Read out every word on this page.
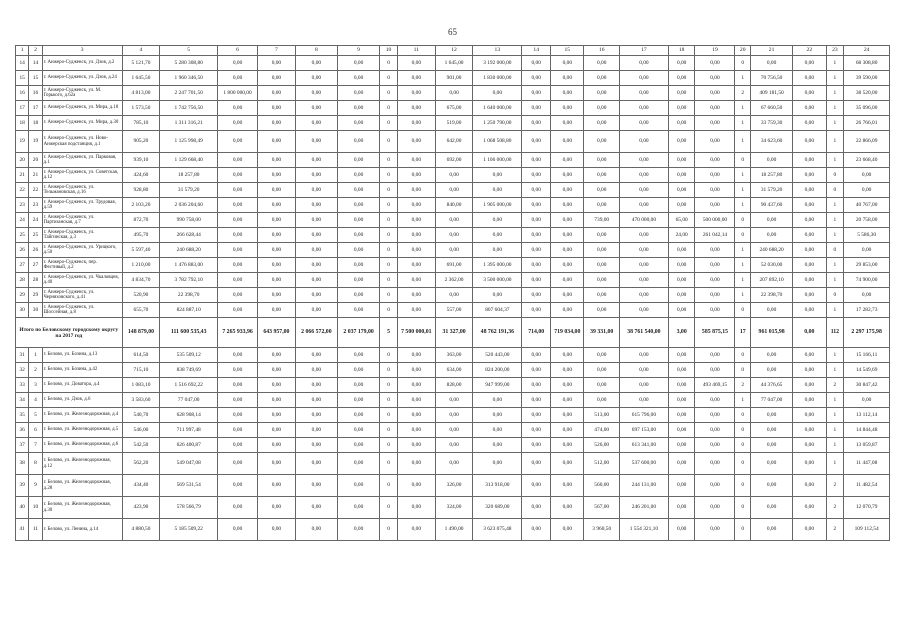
65
1	2	3	4	5	6	7	8	9	10	11	12	13	14	15	16	17	18	19	20	21	22	23	24
14	14	г. Анжеро-Судженск, ул. Дзов, д.2	5 121,70	5 280 308,80	0,00	0,00	0,00	0,00	0	0,00	1 645,00	3 192 000,00	0,00	0,00	0,00	0,00	0,00	0,00	0	0,00	0,00	1	68 308,80
15	15	г. Анжеро-Судженск, ул. Дзов, д.24	1 645,50	1 960 346,50	0,00	0,00	0,00	0,00	0	0,00	901,00	1 830 000,00	0,00	0,00	0,00	0,00	0,00	0,00	1	70 756,50	0,00	1	39 590,00
16	16	г. Анжеро-Судженск, ул. М. Горького, д.62а	4 813,00	2 247 701,50	1 800 000,00	0,00	0,00	0,00	0	0,00	0,00	0,00	0,00	0,00	0,00	0,00	0,00	0,00	2	409 181,50	0,00	1	38 520,00
17	17	г. Анжеро-Судженск, ул. Мира, д.18	1 573,50	1 742 756,50	0,00	0,00	0,00	0,00	0	0,00	675,00	1 640 000,00	0,00	0,00	0,00	0,00	0,00	0,00	1	67 660,50	0,00	1	35 096,00
18	18	г. Анжеро-Судженск, ул. Мира, д.30	785,10	1 311 316,21	0,00	0,00	0,00	0,00	0	0,00	519,00	1 250 790,00	0,00	0,00	0,00	0,00	0,00	0,00	1	33 759,30	0,00	1	26 766,01
19	19	г. Анжеро-Судженск, ул. Ново-Анжерская подстанция, д.1	905,20	1 125 998,49	0,00	0,00	0,00	0,00	0	0,00	642,00	1 068 508,80	0,00	0,00	0,00	0,00	0,00	0,00	1	34 623,60	0,00	1	22 866,09
20	20	г. Анжеро-Судженск, ул. Парковая, д.1	939,10	1 129 668,40	0,00	0,00	0,00	0,00	0	0,00	692,00	1 106 000,00	0,00	0,00	0,00	0,00	0,00	0,00	0	0,00	0,00	1	23 668,40
21	21	г. Анжеро-Судженск, ул. Советская, д.12	424,60	18 257,80	0,00	0,00	0,00	0,00	0	0,00	0,00	0,00	0,00	0,00	0,00	0,00	0,00	0,00	1	18 257,80	0,00	0	0,00
22	22	г. Анжеро-Судженск, ул. Тельмановская, д.16	928,80	31 579,20	0,00	0,00	0,00	0,00	0	0,00	0,00	0,00	0,00	0,00	0,00	0,00	0,00	0,00	1	31 579,20	0,00	0	0,00
23	23	г. Анжеро-Судженск, ул. Трудовая, д.59	2 103,20	2 036 204,60	0,00	0,00	0,00	0,00	0	0,00	840,00	1 905 000,00	0,00	0,00	0,00	0,00	0,00	0,00	1	90 437,60	0,00	1	40 767,00
24	24	г. Анжеро-Судженск, ул. Партизанская, д.7	872,70	990 758,00	0,00	0,00	0,00	0,00	0	0,00	0,00	0,00	0,00	0,00	739,00	470 000,00	65,00	500 000,00	0	0,00	0,00	1	20 758,00
25	25	г. Анжеро-Судженск, ул. Тайгинская, д.3	495,70	266 628,44	0,00	0,00	0,00	0,00	0	0,00	0,00	0,00	0,00	0,00	0,00	0,00	24,00	261 042,14	0	0,00	0,00	1	5 586,30
26	26	г. Анжеро-Судженск, ул. Урицкого, д.50	5 597,40	240 688,20	0,00	0,00	0,00	0,00	0	0,00	0,00	0,00	0,00	0,00	0,00	0,00	0,00	0,00	1	240 688,20	0,00	0	0,00
27	27	г. Анжеро-Судженск, пер. Фестивый, д.2	1 210,00	1 476 883,00	0,00	0,00	0,00	0,00	0	0,00	691,00	1 395 000,00	0,00	0,00	0,00	0,00	0,00	0,00	1	52 030,00	0,00	1	29 853,00
28	28	г. Анжеро-Судженск, ул. Чкаловцев, д.40	4 834,70	3 782 792,10	0,00	0,00	0,00	0,00	0	0,00	2 362,00	3 500 000,00	0,00	0,00	0,00	0,00	0,00	0,00	1	207 892,10	0,00	1	74 900,00
29	29	г. Анжеро-Судженск, ул. Черняховского, д.41	520,90	22 398,70	0,00	0,00	0,00	0,00	0	0,00	0,00	0,00	0,00	0,00	0,00	0,00	0,00	0,00	1	22 398,70	0,00	0	0,00
30	30	г. Анжеро-Судженск, ул. Шоссейная, д.8	655,70	824 887,10	0,00	0,00	0,00	0,00	0	0,00	557,00	807 604,37	0,00	0,00	0,00	0,00	0,00	0,00	0	0,00	0,00	1	17 282,73
Итого по Беловскому городскому округу на 2017 год			148 879,00	111 600 535,43	7 265 933,96	643 957,00	2 066 572,00	2 037 179,00	5	7 500 000,01	31 327,00	48 762 191,36	714,00	719 034,00	39 331,00	38 761 540,00	3,00	585 875,15	17	961 015,98	0,00	112	2 297 175,98
31	1	г. Белово, ул. Бозина, д.13	614,50	535 509,12	0,00	0,00	0,00	0,00	0	0,00	363,00	520 443,00	0,00	0,00	0,00	0,00	0,00	0,00	0	0,00	0,00	1	15 166,11
32	2	г. Белово, ул. Бозина, д.42	715,10	838 749,69	0,00	0,00	0,00	0,00	0	0,00	634,00	824 200,00	0,00	0,00	0,00	0,00	0,00	0,00	0	0,00	0,00	1	14 549,69
33	3	г. Белово, ул. Доватора, д.4	1 083,10	1 516 692,22	0,00	0,00	0,00	0,00	0	0,00	828,00	947 999,00	0,00	0,00	0,00	0,00	0,00	493 469,15	2	44 376,65	0,00	2	30 847,42
34	4	г. Белово, ул. Дзов, д.6	3 583,60	77 047,00	0,00	0,00	0,00	0,00	0	0,00	0,00	0,00	0,00	0,00	0,00	0,00	0,00	0,00	1	77 047,00	0,00	1	0,00
35	5	г. Белово, ул. Железнодорожная, д.4	540,70	628 908,14	0,00	0,00	0,00	0,00	0	0,00	0,00	0,00	0,00	0,00	513,00	615 796,00	0,00	0,00	0	0,00	0,00	1	13 112,14
36	6	г. Белово, ул. Железнодорожная, д.5	546,00	711 997,48	0,00	0,00	0,00	0,00	0	0,00	0,00	0,00	0,00	0,00	474,00	697 153,00	0,00	0,00	0	0,00	0,00	1	14 844,48
37	7	г. Белово, ул. Железнодорожная, д.6	542,50	626 400,87	0,00	0,00	0,00	0,00	0	0,00	0,00	0,00	0,00	0,00	526,00	613 341,00	0,00	0,00	0	0,00	0,00	1	13 059,87
38	8	г. Белово, ул. Железнодорожная, д.12	562,20	549 047,08	0,00	0,00	0,00	0,00	0	0,00	0,00	0,00	0,00	0,00	512,00	537 600,00	0,00	0,00	0	0,00	0,00	1	11 447,08
39	9	г. Белово, ул. Железнодорожная, д.28	434,40	569 531,54	0,00	0,00	0,00	0,00	0	0,00	326,00	313 918,00	0,00	0,00	560,00	244 131,00	0,00	0,00	0	0,00	0,00	2	11 482,54
40	10	г. Белово, ул. Железнодорожная, д.30	423,90	578 566,79	0,00	0,00	0,00	0,00	0	0,00	324,00	320 689,00	0,00	0,00	567,00	246 201,00	0,00	0,00	0	0,00	0,00	2	12 070,79
41	11	г. Белово, ул. Ленина, д.14	4 880,50	5 185 509,22	0,00	0,00	0,00	0,00	0	0,00	1 490,00	3 623 075,48	0,00	0,00	3 960,50	1 554 321,10	0,00	0,00	0	0,00	0,00	2	109 112,54
